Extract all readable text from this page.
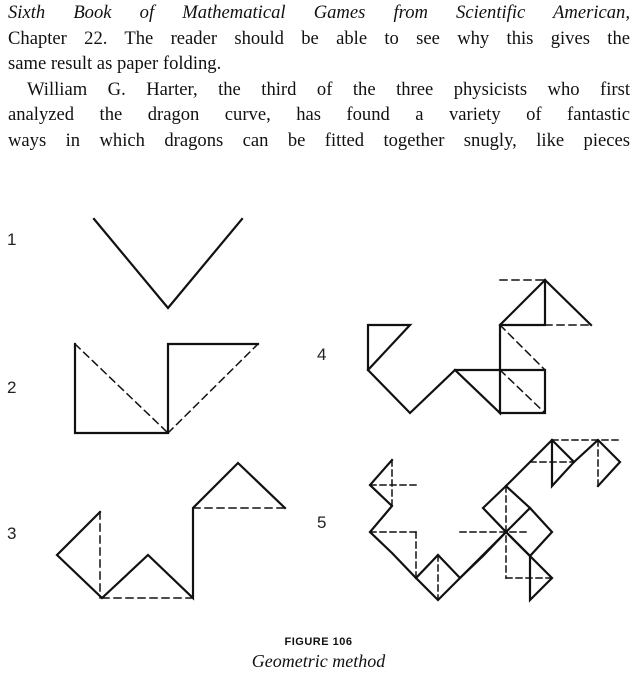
Sixth Book of Mathematical Games from Scientific American,
Chapter 22. The reader should be able to see why this gives the
same result as paper folding.
William G. Harter, the third of the three physicists who first
analyzed the dragon curve, has found a variety of fantastic
ways in which dragons can be fitted together snugly, like pieces
1
2
3
4
5
FIGURE 106
Geometric method
